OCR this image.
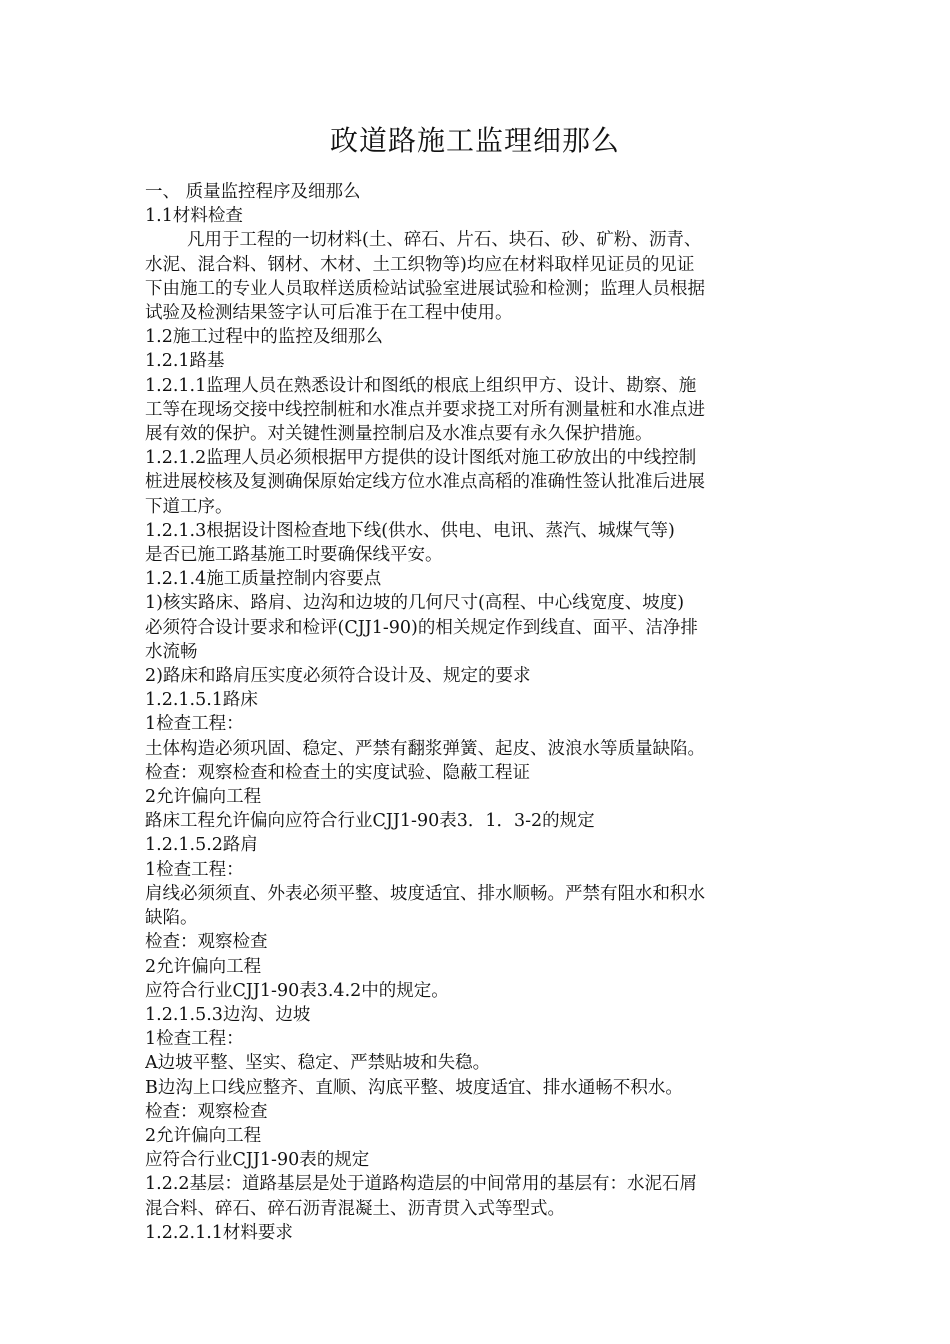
政道路施工监理细那么
一、 质量监控程序及细那么
1.1材料检查
凡用于工程的一切材料(土、碎石、片石、块石、砂、矿粉、沥青、
水泥、混合料、钢材、木材、土工织物等)均应在材料取样见证员的见证
下由施工的专业人员取样送质检站试验室进展试验和检测；监理人员根据
试验及检测结果签字认可后准于在工程中使用。
1.2施工过程中的监控及细那么
1.2.1路基
1.2.1.1监理人员在熟悉设计和图纸的根底上组织甲方、设计、勘察、施
工等在现场交接中线控制桩和水准点并要求挠工对所有测量桩和水准点进
展有效的保护。对关键性测量控制启及水准点要有永久保护措施。
1.2.1.2监理人员必须根据甲方提供的设计图纸对施工矽放出的中线控制
桩进展校核及复测确保原始定线方位水准点高稻的准确性签认批准后进展
下道工序。
1.2.1.3根据设计图检查地下线(供水、供电、电讯、蒸汽、城煤气等)
是否已施工路基施工时要确保线平安。
1.2.1.4施工质量控制内容要点
1)核实路床、路肩、边沟和边坡的几何尺寸(高程、中心线宽度、坡度)
必须符合设计要求和检评(CJJ1-90)的相关规定作到线直、面平、洁净排
水流畅
2)路床和路肩压实度必须符合设计及、规定的要求
1.2.1.5.1路床
1检查工程：
土体构造必须巩固、稳定、严禁有翻浆弹簧、起皮、波浪水等质量缺陷。
检查：观察检查和检查土的实度试验、隐蔽工程证
2允许偏向工程
路床工程允许偏向应符合行业CJJ1-90表3．1．3-2的规定
1.2.1.5.2路肩
1检查工程：
肩线必须须直、外表必须平整、坡度适宜、排水顺畅。严禁有阻水和积水
缺陷。
检查：观察检查
2允许偏向工程
应符合行业CJJ1-90表3.4.2中的规定。
1.2.1.5.3边沟、边坡
1检查工程：
A边坡平整、坚实、稳定、严禁贴坡和失稳。
B边沟上口线应整齐、直顺、沟底平整、坡度适宜、排水通畅不积水。
检查：观察检查
2允许偏向工程
应符合行业CJJ1-90表的规定
1.2.2基层：道路基层是处于道路构造层的中间常用的基层有：水泥石屑
混合料、碎石、碎石沥青混凝土、沥青贯入式等型式。
1.2.2.1.1材料要求
